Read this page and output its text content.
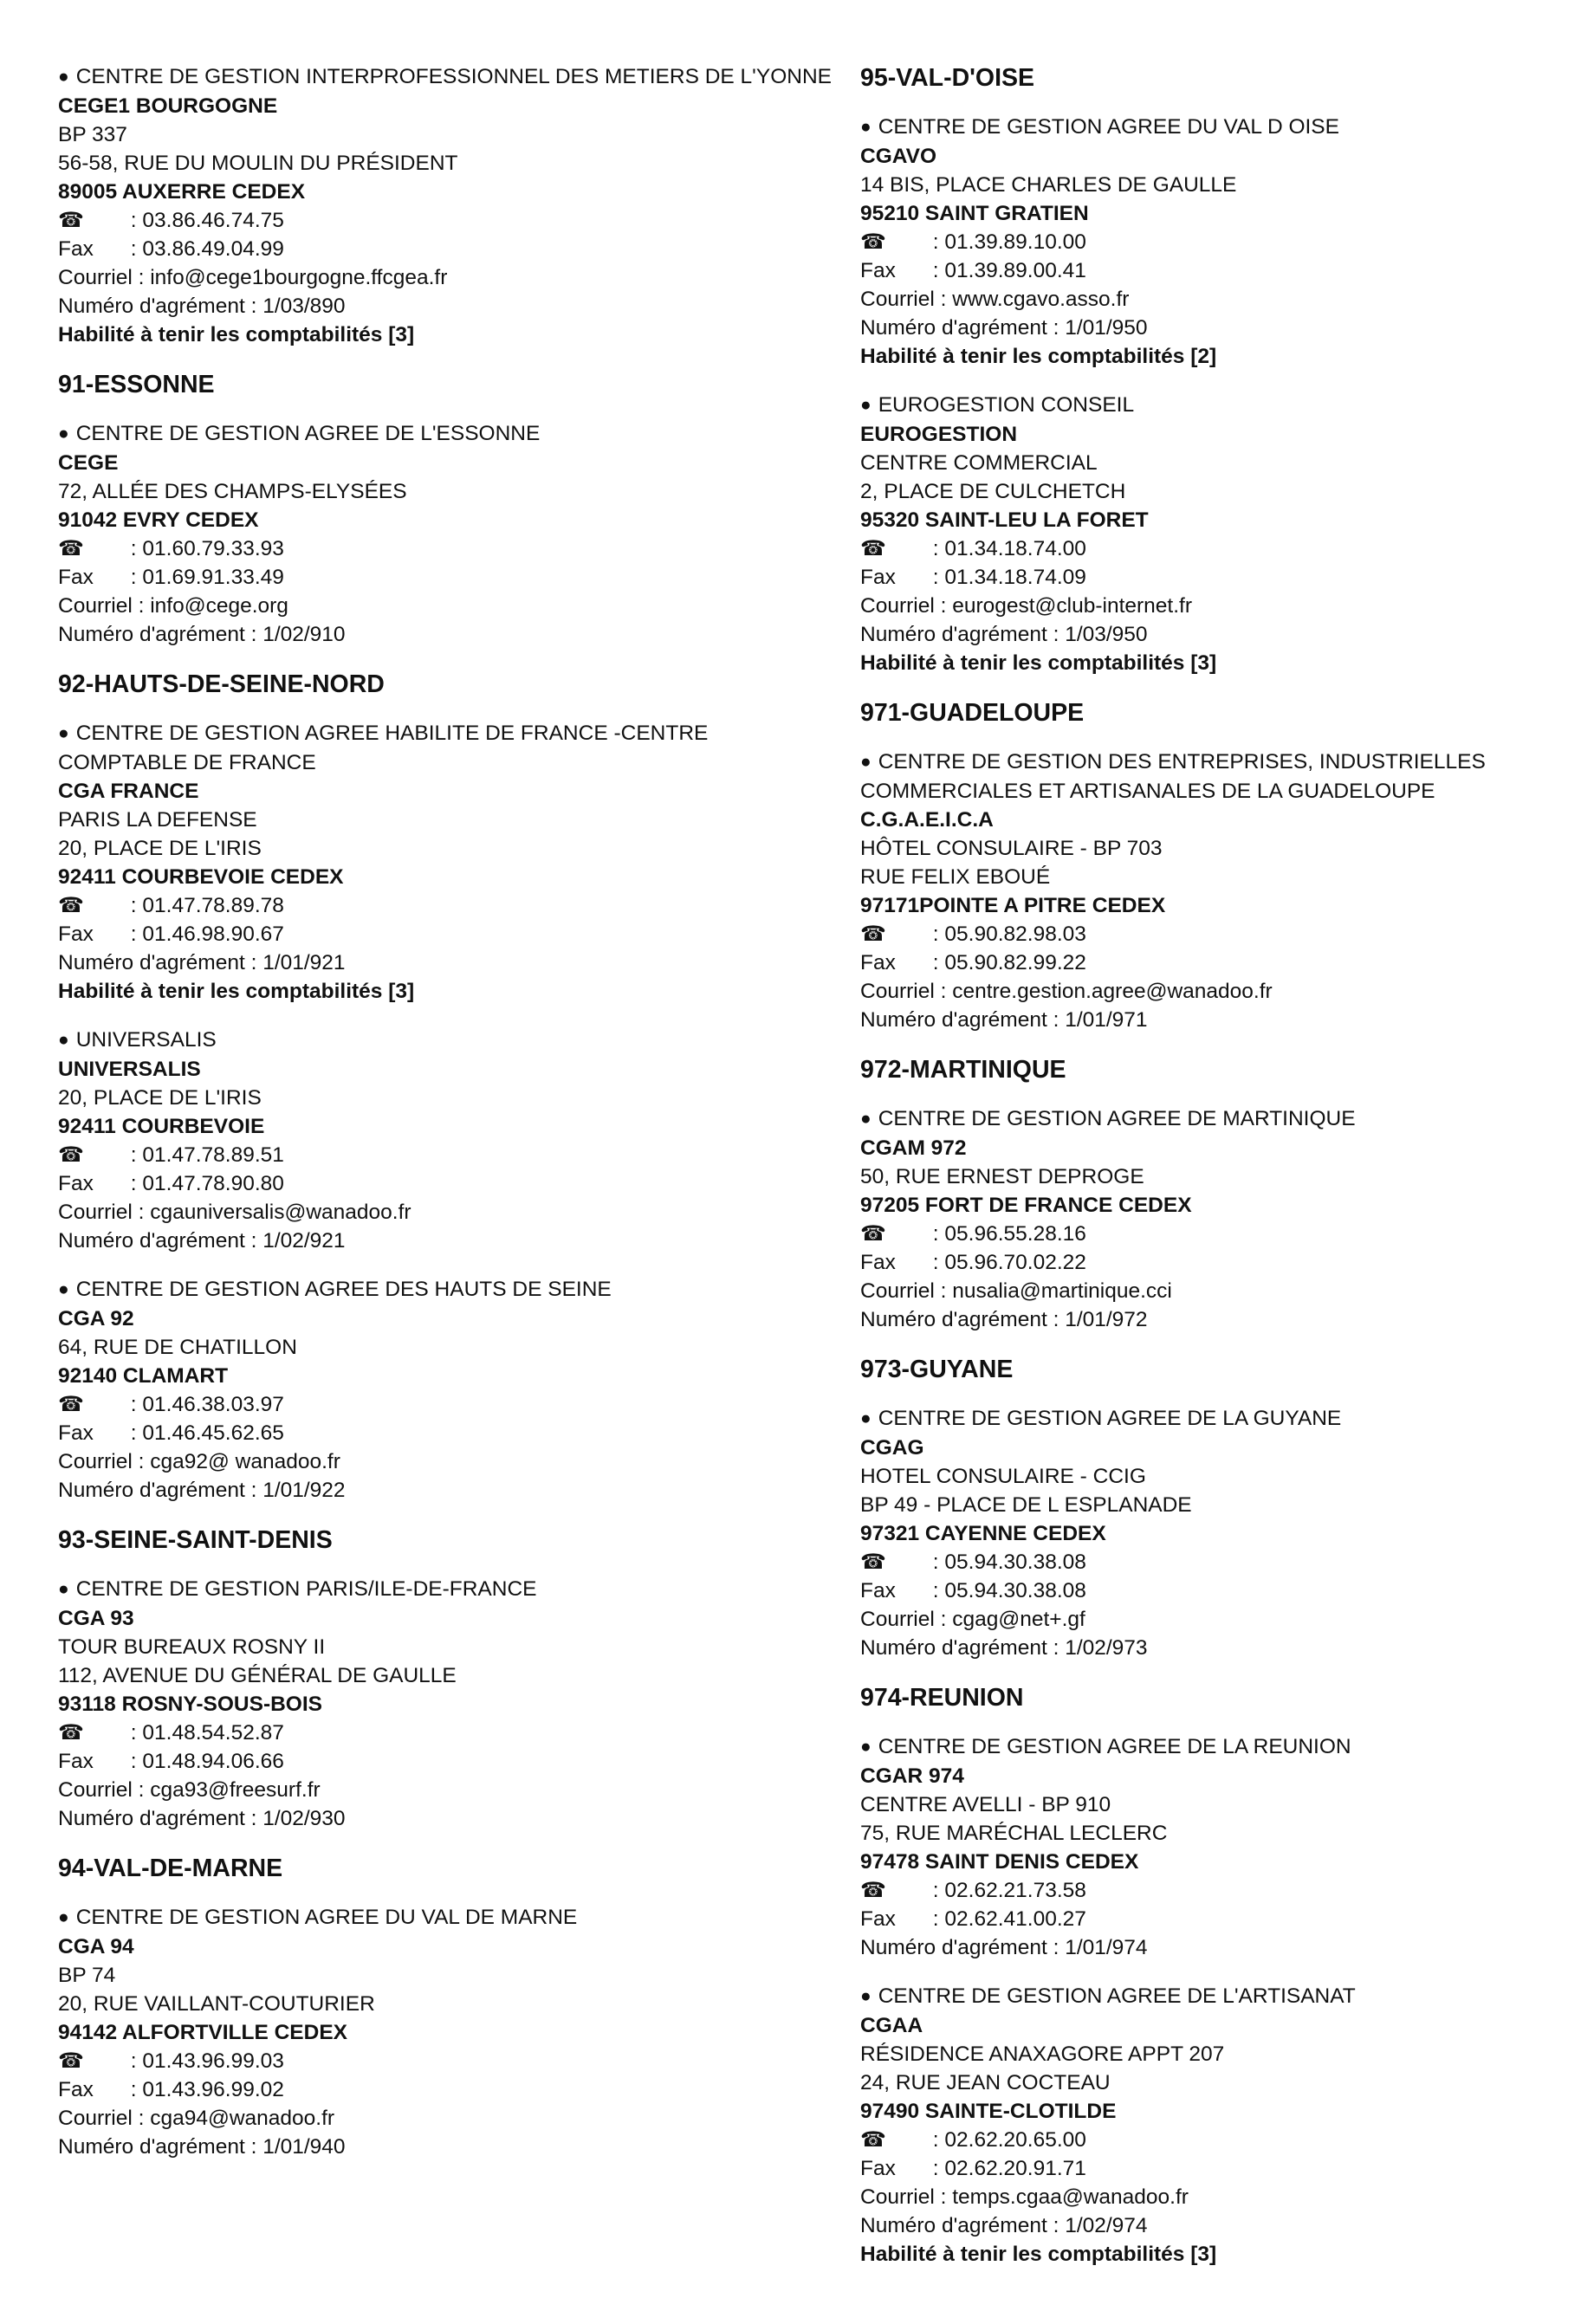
● CENTRE DE GESTION INTERPROFESSIONNEL DES METIERS DE L'YONNE
CEGE1 BOURGOGNE
BP 337
56-58, RUE DU MOULIN DU PRÉSIDENT
89005 AUXERRE CEDEX
☎ : 03.86.46.74.75
Fax : 03.86.49.04.99
Courriel : info@cege1bourgogne.ffcgea.fr
Numéro d'agrément : 1/03/890
Habilité à tenir les comptabilités [3]
91-ESSONNE
● CENTRE DE GESTION AGREE DE L'ESSONNE
CEGE
72, ALLÉE DES CHAMPS-ELYSÉES
91042 EVRY CEDEX
☎ : 01.60.79.33.93
Fax : 01.69.91.33.49
Courriel : info@cege.org
Numéro d'agrément : 1/02/910
92-HAUTS-DE-SEINE-NORD
● CENTRE DE GESTION AGREE HABILITE DE FRANCE -CENTRE COMPTABLE DE FRANCE
CGA FRANCE
PARIS LA DEFENSE
20, PLACE DE L'IRIS
92411 COURBEVOIE CEDEX
☎ : 01.47.78.89.78
Fax : 01.46.98.90.67
Numéro d'agrément : 1/01/921
Habilité à tenir les comptabilités [3]
● UNIVERSALIS
UNIVERSALIS
20, PLACE DE L'IRIS
92411 COURBEVOIE
☎ : 01.47.78.89.51
Fax : 01.47.78.90.80
Courriel : cgauniversalis@wanadoo.fr
Numéro d'agrément : 1/02/921
● CENTRE DE GESTION AGREE DES HAUTS DE SEINE
CGA 92
64, RUE DE CHATILLON
92140 CLAMART
☎ : 01.46.38.03.97
Fax : 01.46.45.62.65
Courriel : cga92@ wanadoo.fr
Numéro d'agrément : 1/01/922
93-SEINE-SAINT-DENIS
● CENTRE DE GESTION PARIS/ILE-DE-FRANCE
CGA 93
TOUR BUREAUX ROSNY II
112, AVENUE DU GÉNÉRAL DE GAULLE
93118 ROSNY-SOUS-BOIS
☎ : 01.48.54.52.87
Fax : 01.48.94.06.66
Courriel : cga93@freesurf.fr
Numéro d'agrément : 1/02/930
94-VAL-DE-MARNE
● CENTRE DE GESTION AGREE DU VAL DE MARNE
CGA 94
BP 74
20, RUE VAILLANT-COUTURIER
94142 ALFORTVILLE CEDEX
☎ : 01.43.96.99.03
Fax : 01.43.96.99.02
Courriel : cga94@wanadoo.fr
Numéro d'agrément : 1/01/940
95-VAL-D'OISE
● CENTRE DE GESTION AGREE DU VAL D OISE
CGAVO
14 BIS, PLACE CHARLES DE GAULLE
95210 SAINT GRATIEN
☎ : 01.39.89.10.00
Fax : 01.39.89.00.41
Courriel : www.cgavo.asso.fr
Numéro d'agrément : 1/01/950
Habilité à tenir les comptabilités [2]
● EUROGESTION CONSEIL
EUROGESTION
CENTRE COMMERCIAL
2, PLACE DE CULCHETCH
95320 SAINT-LEU LA FORET
☎ : 01.34.18.74.00
Fax : 01.34.18.74.09
Courriel : eurogest@club-internet.fr
Numéro d'agrément : 1/03/950
Habilité à tenir les comptabilités [3]
971-GUADELOUPE
● CENTRE DE GESTION DES ENTREPRISES, INDUSTRIELLES COMMERCIALES ET ARTISANALES DE LA GUADELOUPE
C.G.A.E.I.C.A
HÔTEL CONSULAIRE - BP 703
RUE FELIX EBOUÉ
97171POINTE A PITRE CEDEX
☎ : 05.90.82.98.03
Fax : 05.90.82.99.22
Courriel : centre.gestion.agree@wanadoo.fr
Numéro d'agrément : 1/01/971
972-MARTINIQUE
● CENTRE DE GESTION AGREE DE MARTINIQUE
CGAM 972
50, RUE ERNEST DEPROGE
97205 FORT DE FRANCE CEDEX
☎ : 05.96.55.28.16
Fax : 05.96.70.02.22
Courriel : nusalia@martinique.cci
Numéro d'agrément : 1/01/972
973-GUYANE
● CENTRE DE GESTION AGREE DE LA GUYANE
CGAG
HOTEL CONSULAIRE - CCIG
BP 49 - PLACE DE L ESPLANADE
97321 CAYENNE CEDEX
☎ : 05.94.30.38.08
Fax : 05.94.30.38.08
Courriel : cgag@net+.gf
Numéro d'agrément : 1/02/973
974-REUNION
● CENTRE DE GESTION AGREE DE LA REUNION
CGAR 974
CENTRE AVELLI - BP 910
75, RUE MARÉCHAL LECLERC
97478 SAINT DENIS CEDEX
☎ : 02.62.21.73.58
Fax : 02.62.41.00.27
Numéro d'agrément : 1/01/974
● CENTRE DE GESTION AGREE DE L'ARTISANAT
CGAA
RÉSIDENCE ANAXAGORE APPT 207
24, RUE JEAN COCTEAU
97490 SAINTE-CLOTILDE
☎ : 02.62.20.65.00
Fax : 02.62.20.91.71
Courriel : temps.cgaa@wanadoo.fr
Numéro d'agrément : 1/02/974
Habilité à tenir les comptabilités [3]
